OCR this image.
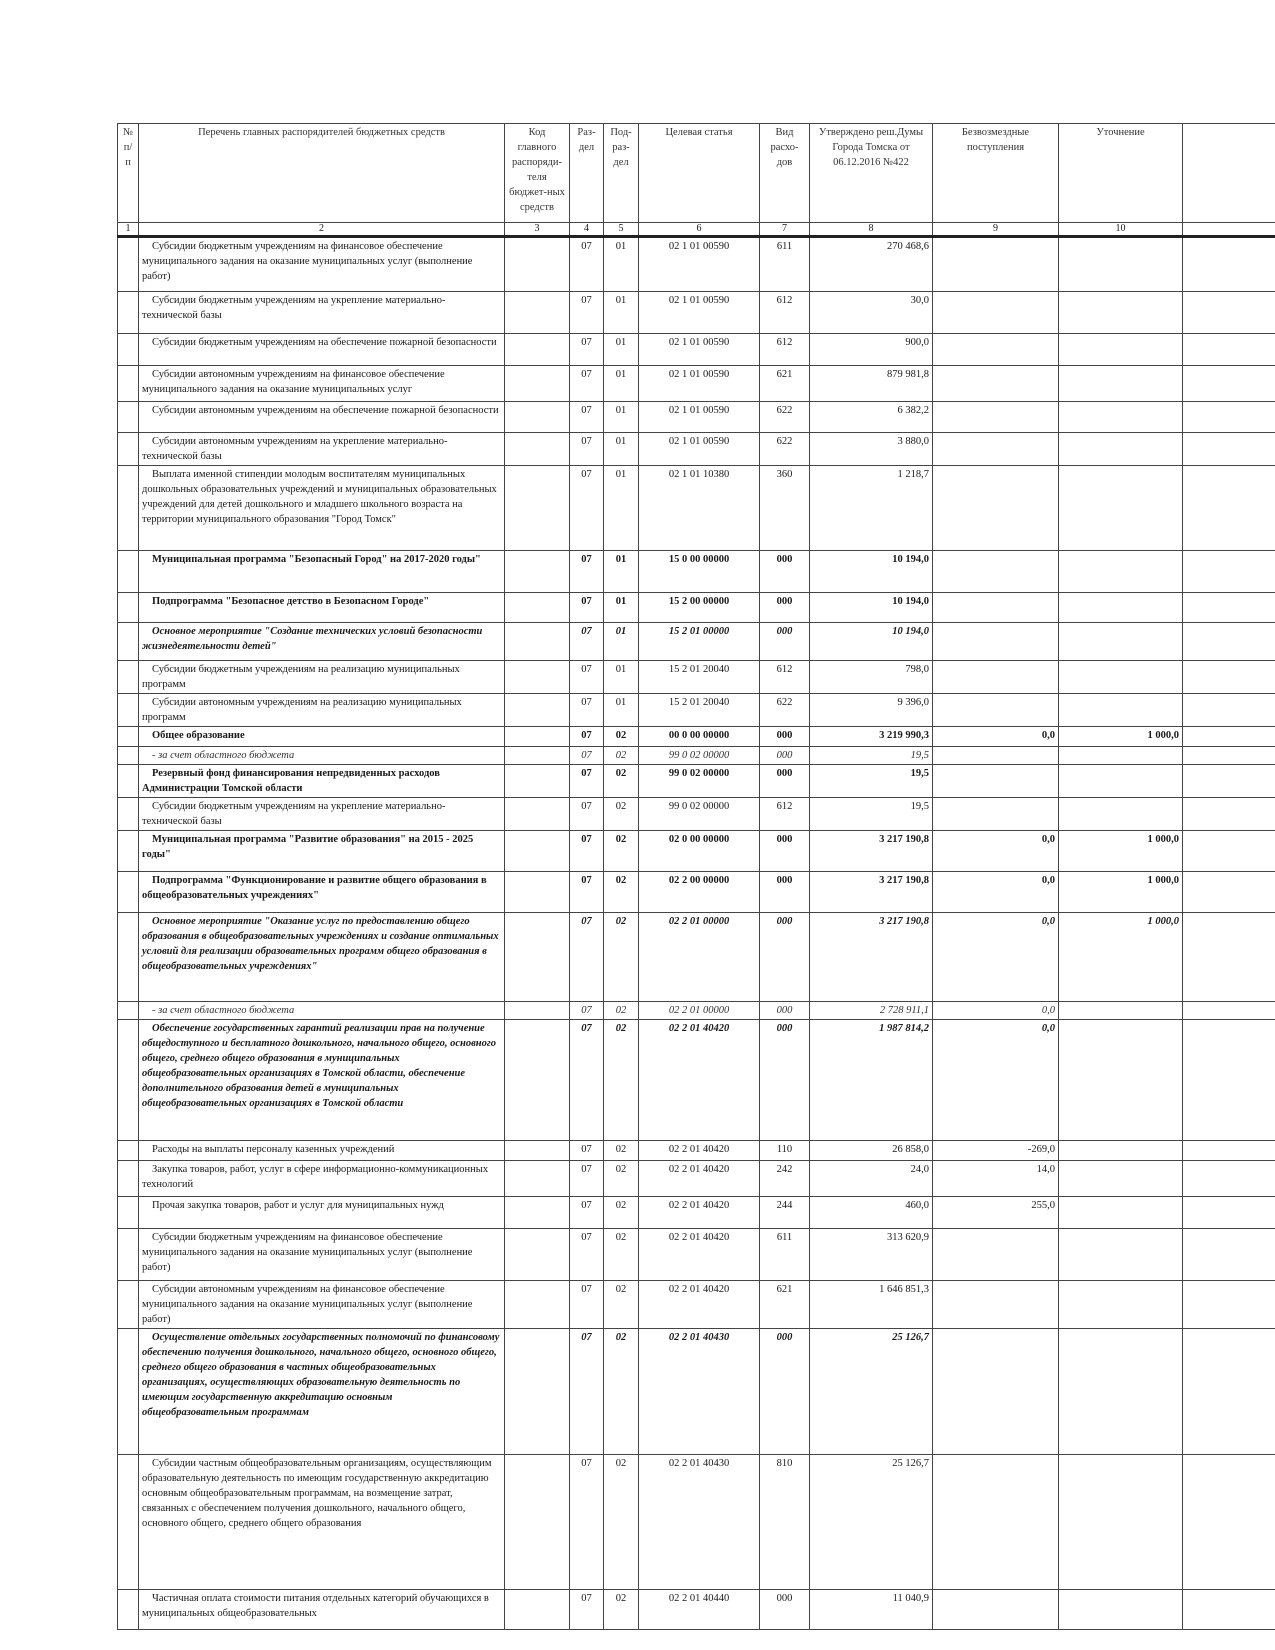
№ п/п	Перечень главных распорядителей бюджетных средств	Код главного распоряди-теля бюджет-ных средств	Раз-дел	Под-раз-дел	Целевая статья	Вид расхо-дов	Утверждено реш.Думы Города Томска от 06.12.2016 №422	Безвозмездные поступления	Уточнение	
1	2	3	4	5	6	7	8	9	10	
	Субсидии бюджетным учреждениям на финансовое обеспечение муниципального задания на оказание муниципальных услуг (выполнение работ)		07	01	02 1 01 00590	611	270 468,6			
	Субсидии бюджетным учреждениям на укрепление материально-технической базы		07	01	02 1 01 00590	612	30,0			
	Субсидии бюджетным учреждениям на обеспечение пожарной безопасности		07	01	02 1 01 00590	612	900,0			
	Субсидии автономным учреждениям на финансовое обеспечение муниципального задания на оказание муниципальных услуг		07	01	02 1 01 00590	621	879 981,8			
	Субсидии автономным учреждениям на обеспечение пожарной безопасности		07	01	02 1 01 00590	622	6 382,2			
	Субсидии автономным учреждениям на укрепление материально-технической базы		07	01	02 1 01 00590	622	3 880,0			
	Выплата именной стипендии молодым воспитателям муниципальных дошкольных образовательных учреждений и муниципальных образовательных учреждений для детей дошкольного и младшего школьного возраста на территории муниципального образования "Город Томск"		07	01	02 1 01 10380	360	1 218,7			
	Муниципальная программа "Безопасный Город" на 2017-2020 годы"		07	01	15 0 00 00000	000	10 194,0			
	Подпрограмма "Безопасное детство в Безопасном Городе"		07	01	15 2 00 00000	000	10 194,0			
	Основное мероприятие "Создание технических условий безопасности жизнедеятельности детей"		07	01	15 2 01 00000	000	10 194,0			
	Субсидии бюджетным учреждениям на реализацию муниципальных программ		07	01	15 2 01 20040	612	798,0			
	Субсидии автономным учреждениям на реализацию муниципальных программ		07	01	15 2 01 20040	622	9 396,0			
	Общее образование		07	02	00 0 00 00000	000	3 219 990,3	0,0	1 000,0	
	- за счет областного бюджета		07	02	99 0 02 00000	000	19,5			
	Резервный фонд финансирования непредвиденных расходов Администрации Томской области		07	02	99 0 02 00000	000	19,5			
	Субсидии бюджетным учреждениям на укрепление материально-технической базы		07	02	99 0 02 00000	612	19,5			
	Муниципальная программа "Развитие образования" на 2015 - 2025 годы"		07	02	02 0 00 00000	000	3 217 190,8	0,0	1 000,0	
	Подпрограмма "Функционирование и развитие общего образования в общеобразовательных учреждениях"		07	02	02 2 00 00000	000	3 217 190,8	0,0	1 000,0	
	Основное мероприятие "Оказание услуг по предоставлению общего образования в общеобразовательных учреждениях и создание оптимальных условий для реализации образовательных программ общего образования в общеобразовательных учреждениях"		07	02	02 2 01 00000	000	3 217 190,8	0,0	1 000,0	
	- за счет областного бюджета		07	02	02 2 01 00000	000	2 728 911,1	0,0		
	Обеспечение государственных гарантий реализации прав на получение общедоступного и бесплатного дошкольного, начального общего, основного общего, среднего общего образования в муниципальных общеобразовательных организациях в Томской области, обеспечение дополнительного образования детей в муниципальных общеобразовательных организациях в Томской области		07	02	02 2 01 40420	000	1 987 814,2	0,0		
	Расходы на выплаты персоналу казенных учреждений		07	02	02 2 01 40420	110	26 858,0	-269,0		
	Закупка товаров, работ, услуг в сфере информационно-коммуникационных технологий		07	02	02 2 01 40420	242	24,0	14,0		
	Прочая закупка товаров, работ и услуг для муниципальных нужд		07	02	02 2 01 40420	244	460,0	255,0		
	Субсидии бюджетным учреждениям на финансовое обеспечение муниципального задания на оказание муниципальных услуг (выполнение работ)		07	02	02 2 01 40420	611	313 620,9			
	Субсидии автономным учреждениям на финансовое обеспечение муниципального задания на оказание муниципальных услуг (выполнение работ)		07	02	02 2 01 40420	621	1 646 851,3			
	Осуществление отдельных государственных полномочий по финансовому обеспечению получения дошкольного, начального общего, основного общего, среднего общего образования в частных общеобразовательных организациях, осуществляющих образовательную деятельность по имеющим государственную аккредитацию основным общеобразовательным программам		07	02	02 2 01 40430	000	25 126,7			
	Субсидии частным общеобразовательным организациям, осуществляющим образовательную деятельность по имеющим государственную аккредитацию основным общеобразовательным программам, на возмещение затрат, связанных с обеспечением получения дошкольного, начального общего, основного общего, среднего общего образования		07	02	02 2 01 40430	810	25 126,7			
	Частичная оплата стоимости питания отдельных категорий обучающихся в муниципальных общеобразовательных		07	02	02 2 01 40440	000	11 040,9			
